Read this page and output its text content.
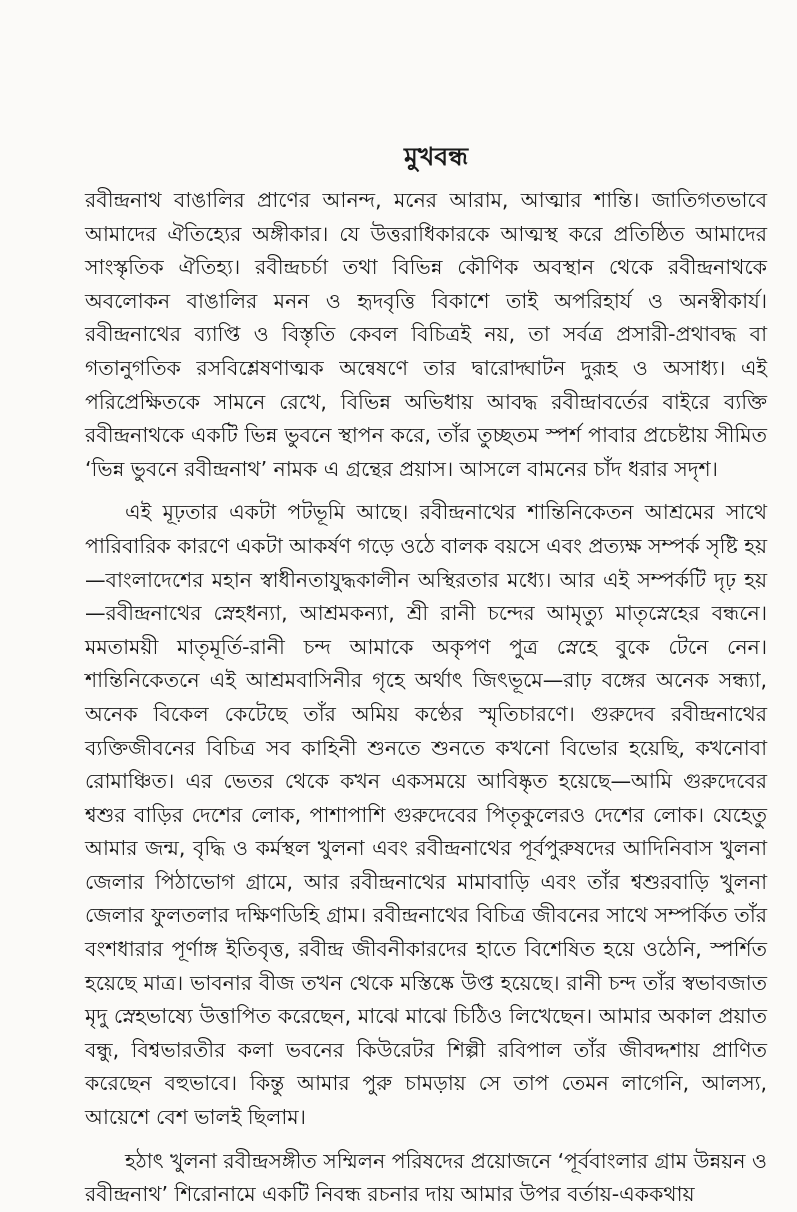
মুখবন্ধ

রবীন্দ্রনাথ বাঙালির প্রাণের আনন্দ, মনের আরাম, আত্মার শান্তি। জাতিগতভাবে আমাদের ঐতিহ্যের অঙ্গীকার। যে উত্তরাধিকারকে আত্মস্থ করে প্রতিষ্ঠিত আমাদের সাংস্কৃতিক ঐতিহ্য। রবীন্দ্রচর্চা তথা বিভিন্ন কৌণিক অবস্থান থেকে রবীন্দ্রনাথকে অবলোকন বাঙালির মনন ও হৃদবৃত্তি বিকাশে তাই অপরিহার্য ও অনস্বীকার্য। রবীন্দ্রনাথের ব্যাপ্তি ও বিস্তৃতি কেবল বিচিত্রই নয়, তা সর্বত্র প্রসারী-প্রথাবদ্ধ বা গতানুগতিক রসবিশ্লেষণাত্মক অন্বেষণে তার দ্বারোদ্ঘাটন দুরূহ ও অসাধ্য। এই পরিপ্রেক্ষিতকে সামনে রেখে, বিভিন্ন অভিধায় আবদ্ধ রবীন্দ্রাবর্তের বাইরে ব্যক্তি রবীন্দ্রনাথকে একটি ভিন্ন ভুবনে স্থাপন করে, তাঁর তুচ্ছতম স্পর্শ পাবার প্রচেষ্টায় সীমিত ‘ভিন্ন ভুবনে রবীন্দ্রনাথ’ নামক এ গ্রন্থের প্রয়াস। আসলে বামনের চাঁদ ধরার সদৃশ।

এই মূঢ়তার একটা পটভূমি আছে। রবীন্দ্রনাথের শান্তিনিকেতন আশ্রমের সাথে পারিবারিক কারণে একটা আকর্ষণ গড়ে ওঠে বালক বয়সে এবং প্রত্যক্ষ সম্পর্ক সৃষ্টি হয়—বাংলাদেশের মহান স্বাধীনতাযুদ্ধকালীন অস্থিরতার মধ্যে। আর এই সম্পর্কটি দৃঢ় হয়—রবীন্দ্রনাথের স্নেহধন্যা, আশ্রমকন্যা, শ্রী রানী চন্দের আমৃত্যু মাতৃস্নেহের বন্ধনে। মমতাময়ী মাতৃমূর্তি-রানী চন্দ আমাকে অকৃপণ পুত্র স্নেহে বুকে টেনে নেন। শান্তিনিকেতনে এই আশ্রমবাসিনীর গৃহে অর্থাৎ জিৎভূমে—রাঢ় বঙ্গের অনেক সন্ধ্যা, অনেক বিকেল কেটেছে তাঁর অমিয় কণ্ঠের স্মৃতিচারণে। গুরুদেব রবীন্দ্রনাথের ব্যক্তিজীবনের বিচিত্র সব কাহিনী শুনতে শুনতে কখনো বিভোর হয়েছি, কখনোবা রোমাঞ্চিত। এর ভেতর থেকে কখন একসময়ে আবিষ্কৃত হয়েছে—আমি গুরুদেবের শ্বশুর বাড়ির দেশের লোক, পাশাপাশি গুরুদেবের পিতৃকুলেরও দেশের লোক। যেহেতু আমার জন্ম, বৃদ্ধি ও কর্মস্থল খুলনা এবং রবীন্দ্রনাথের পূর্বপুরুষদের আদিনিবাস খুলনা জেলার পিঠাভোগ গ্রামে, আর রবীন্দ্রনাথের মামাবাড়ি এবং তাঁর শ্বশুরবাড়ি খুলনা জেলার ফুলতলার দক্ষিণডিহি গ্রাম। রবীন্দ্রনাথের বিচিত্র জীবনের সাথে সম্পর্কিত তাঁর বংশধারার পূর্ণাঙ্গ ইতিবৃত্ত, রবীন্দ্র জীবনীকারদের হাতে বিশেষিত হয়ে ওঠেনি, স্পর্শিত হয়েছে মাত্র। ভাবনার বীজ তখন থেকে মস্তিষ্কে উপ্ত হয়েছে। রানী চন্দ তাঁর স্বভাবজাত মৃদু স্নেহভাষ্যে উত্তাপিত করেছেন, মাঝে মাঝে চিঠিও লিখেছেন। আমার অকাল প্রয়াত বন্ধু, বিশ্বভারতীর কলা ভবনের কিউরেটর শিল্পী রবিপাল তাঁর জীবদ্দশায় প্রাণিত করেছেন বহুভাবে। কিন্তু আমার পুরু চামড়ায় সে তাপ তেমন লাগেনি, আলস্য, আয়েশে বেশ ভালই ছিলাম।

হঠাৎ খুলনা রবীন্দ্রসঙ্গীত সম্মিলন পরিষদের প্রয়োজনে ‘পূর্ববাংলার গ্রাম উন্নয়ন ও রবীন্দ্রনাথ’ শিরোনামে একটি নিবন্ধ রচনার দায় আমার উপর বর্তায়-এককথায়
